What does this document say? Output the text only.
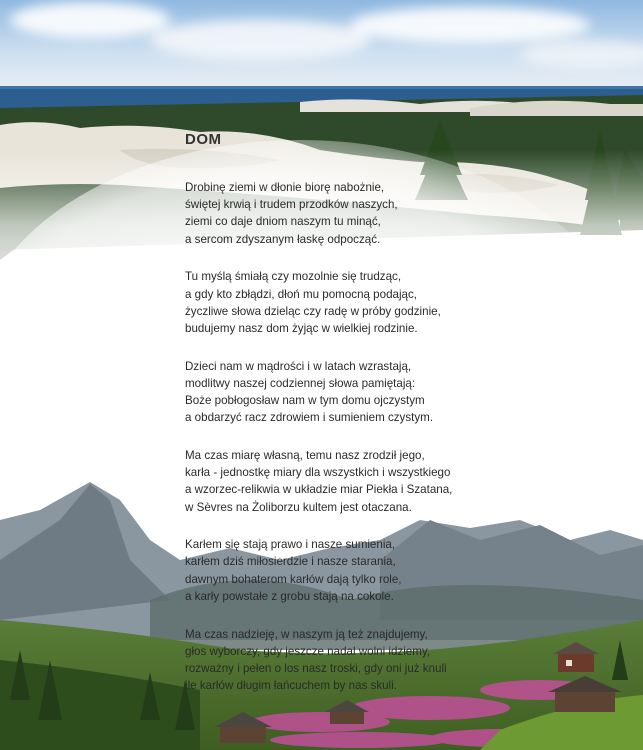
DOM
Drobinę ziemi w dłonie biorę nabożnie,
świętej krwią i trudem przodków naszych,
ziemi co daje dniom naszym tu minąć,
a sercom zdyszanym łaskę odpocząć.
Tu myślą śmiałą czy mozolnie się trudząc,
a gdy kto zbłądzi, dłoń mu pomocną podając,
życzliwe słowa dzieląc czy radę w próby godzinie,
budujemy nasz dom żyjąc w wielkiej rodzinie.
Dzieci nam w mądrości i w latach wzrastają,
modlitwy naszej codziennej słowa pamiętają:
Boże pobłogosław nam w tym domu ojczystym
a obdarzyć racz zdrowiem i sumieniem czystym.
Ma czas miarę własną, temu nasz zrodził jego,
karła - jednostkę miary dla wszystkich i wszystkiego
a wzorzec-relikwia w układzie miar Piekła i Szatana,
w Sèvres na Żoliborzu kultem jest otaczana.
Karłem się stają prawo i nasze sumienia,
karłem dziś miłosierdzie i nasze starania,
dawnym bohaterom karłów dają tylko role,
a karły powstałe z grobu stają na cokole.
Ma czas nadzieję, w naszym ją też znajdujemy,
głos wyborczy, gdy jeszcze nadal wolni idziemy,
rozważny i pełen o los nasz troski, gdy oni już knuli
ile karłów długim łańcuchem by nas skuli.
